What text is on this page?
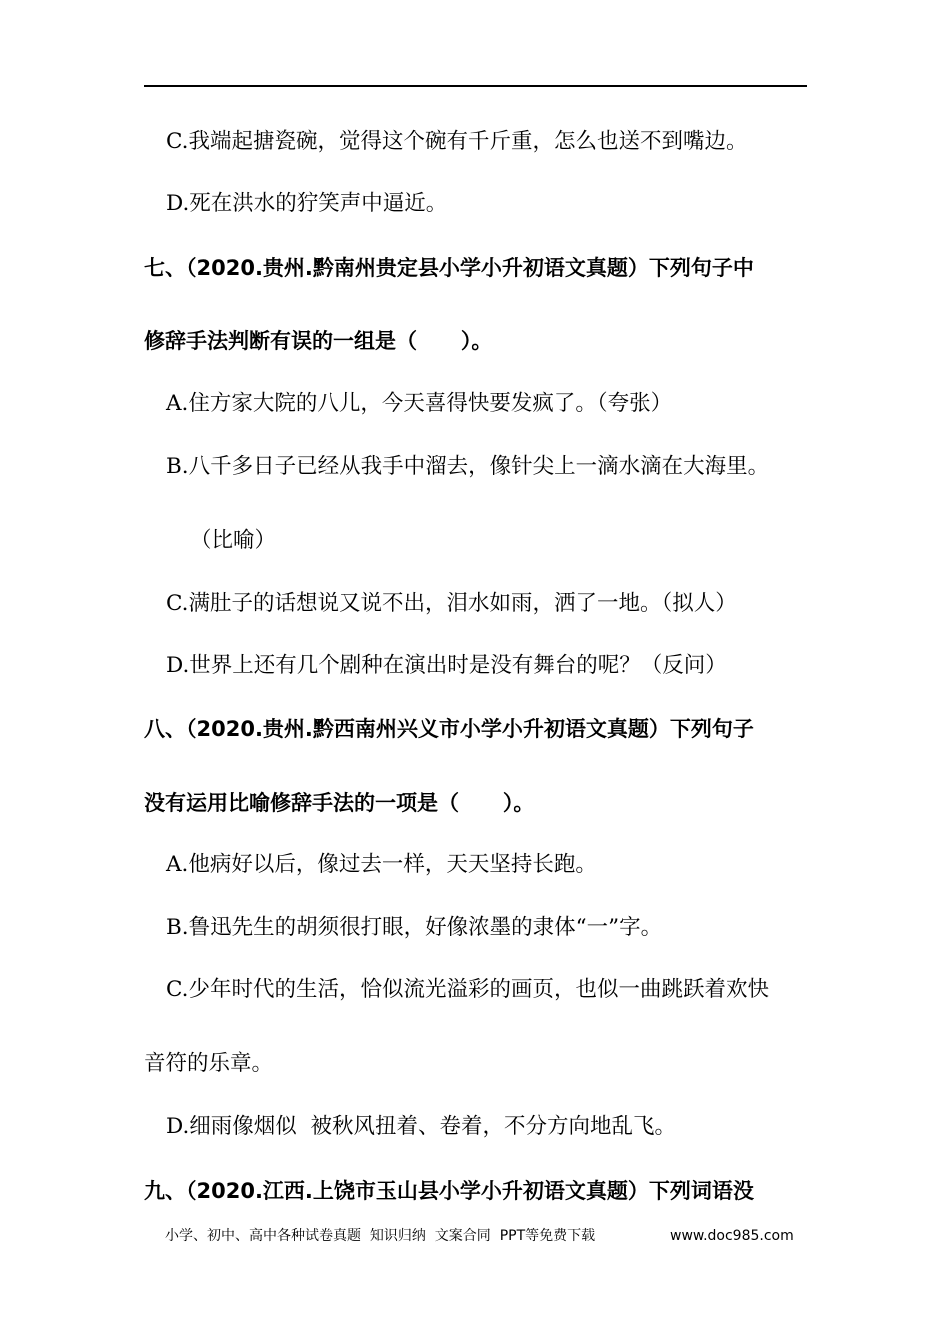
C.我端起搪瓷碗，觉得这个碗有千斤重，怎么也送不到嘴边。
D.死在洪水的狞笑声中逼近。
七、（2020.贵州.黔南州贵定县小学小升初语文真题）下列句子中
修辞手法判断有误的一组是（      ）。
A.住方家大院的八儿，今天喜得快要发疯了。（夸张）
B.八千多日子已经从我手中溜去，像针尖上一滴水滴在大海里。
（比喻）
C.满肚子的话想说又说不出，泪水如雨，洒了一地。（拟人）
D.世界上还有几个剧种在演出时是没有舞台的呢？（反问）
八、（2020.贵州.黔西南州兴义市小学小升初语文真题）下列句子
没有运用比喻修辞手法的一项是（      ）。
A.他病好以后，像过去一样，天天坚持长跑。
B.鲁迅先生的胡须很打眼，好像浓墨的隶体“一”字。
C.少年时代的生活，恰似流光溢彩的画页，也似一曲跳跃着欢快
音符的乐章。
D.细雨像烟似  被秋风扭着、卷着，不分方向地乱飞。
九、（2020.江西.上饶市玉山县小学小升初语文真题）下列词语没
小学、初中、高中各种试卷真题  知识归纳  文案合同  PPT等免费下载	www.doc985.com
